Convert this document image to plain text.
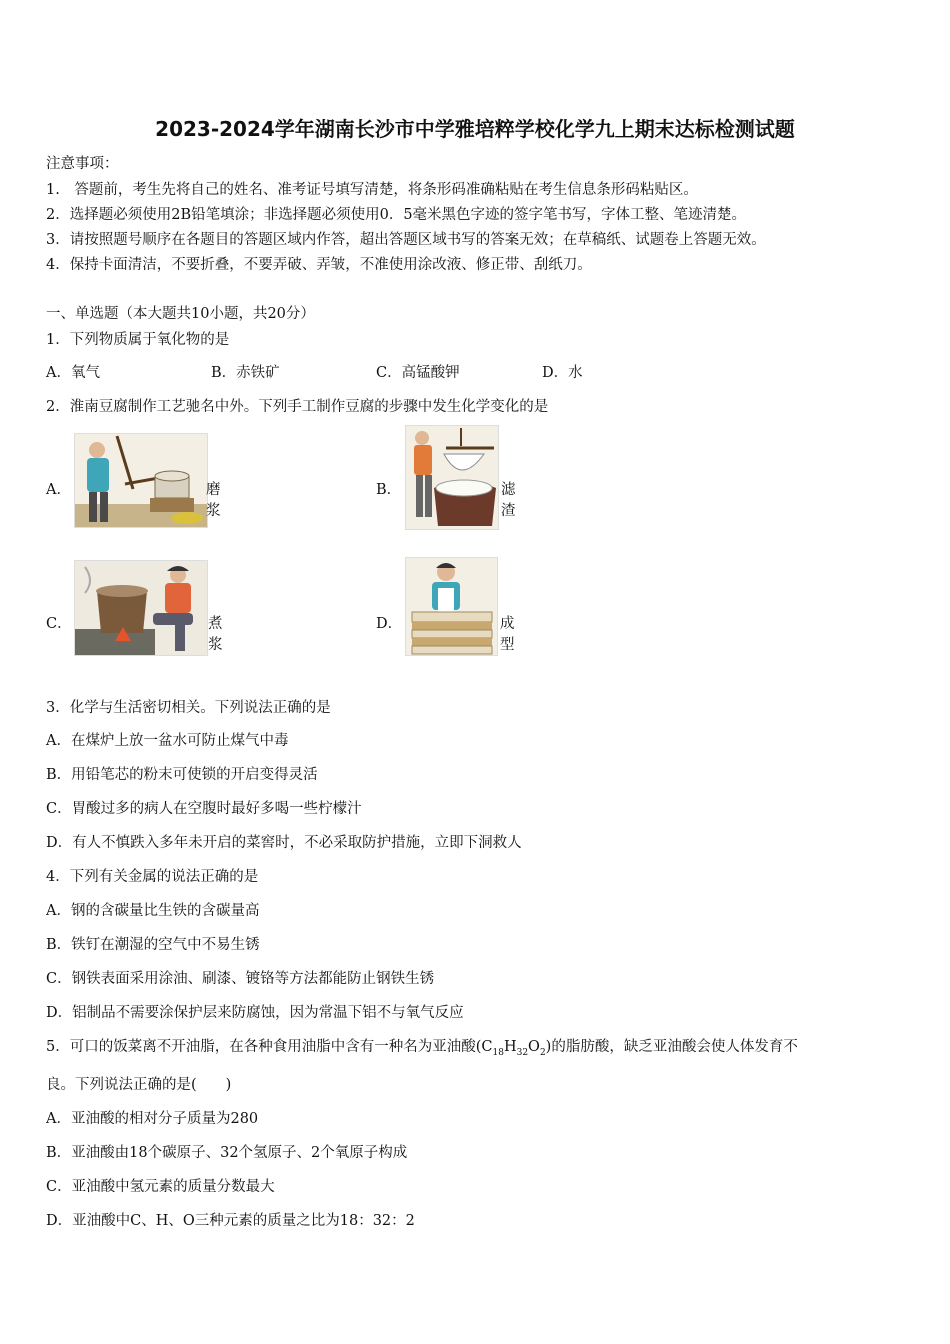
2023-2024学年湖南长沙市中学雅培粹学校化学九上期末达标检测试题
注意事项：
1.　答题前，考生先将自己的姓名、准考证号填写清楚，将条形码准确粘贴在考生信息条形码粘贴区。
2．选择题必须使用2B铅笔填涂；非选择题必须使用0．5毫米黑色字迹的签字笔书写，字体工整、笔迹清楚。
3．请按照题号顺序在各题目的答题区域内作答，超出答题区域书写的答案无效；在草稿纸、试题卷上答题无效。
4．保持卡面清洁，不要折叠，不要弄破、弄皱，不准使用涂改液、修正带、刮纸刀。
一、单选题（本大题共10小题，共20分）
1．下列物质属于氧化物的是
A．氧气	B．赤铁矿	C．高锰酸钾	D．水
2．淮南豆腐制作工艺驰名中外。下列手工制作豆腐的步骤中发生化学变化的是
A．	磨浆
B．	滤渣
C．	煮浆
D．	成型
3．化学与生活密切相关。下列说法正确的是
A．在煤炉上放一盆水可防止煤气中毒
B．用铅笔芯的粉末可使锁的开启变得灵活
C．胃酸过多的病人在空腹时最好多喝一些柠檬汁
D．有人不慎跌入多年未开启的菜窖时，不必采取防护措施，立即下洞救人
4．下列有关金属的说法正确的是
A．钢的含碳量比生铁的含碳量高
B．铁钉在潮湿的空气中不易生锈
C．钢铁表面采用涂油、刷漆、镀铬等方法都能防止钢铁生锈
D．铝制品不需要涂保护层来防腐蚀，因为常温下铝不与氧气反应
5．可口的饭菜离不开油脂，在各种食用油脂中含有一种名为亚油酸$(C_{18}H_{32}O_2)$的脂肪酸，缺乏亚油酸会使人体发育不
良。下列说法正确的是(　　)
A．亚油酸的相对分子质量为280
B．亚油酸由18个碳原子、32个氢原子、2个氧原子构成
C．亚油酸中氢元素的质量分数最大
D．亚油酸中C、H、O三种元素的质量之比为18：32：2
